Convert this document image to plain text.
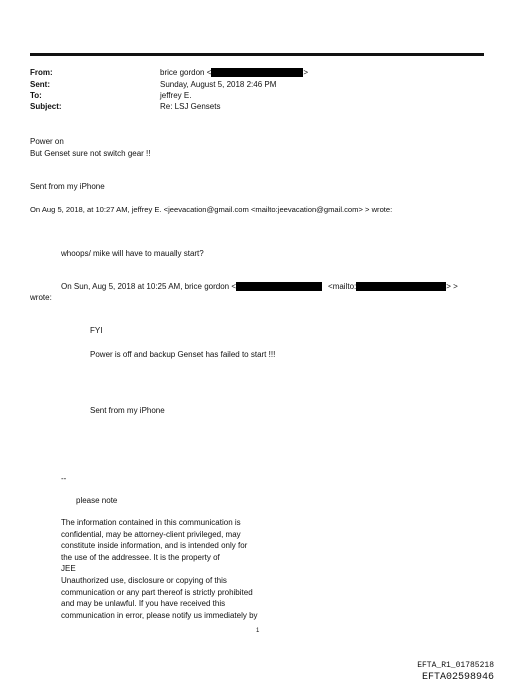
From:	brice gordon <	>
Sent:	Sunday, August 5, 2018 2:46 PM
To:	jeffrey E.
Subject:	Re: LSJ Gensets
Power on
But Genset sure not switch gear !!
Sent from my iPhone
On Aug 5, 2018, at 10:27 AM, jeffrey E. <jeevacation@gmail.com <mailto:jeevacation@gmail.com> > wrote:
whoops/ mike will have to maually start?
On Sun, Aug 5, 2018 at 10:25 AM, brice gordon <	<mailto:	> >
wrote:
FYI
Power is off and backup Genset has failed to start !!!
Sent from my iPhone
--
please note
The information contained in this communication is
confidential, may be attorney-client privileged, may
constitute inside information, and is intended only for
the use of the addressee. It is the property of
JEE
Unauthorized use, disclosure or copying of this
communication or any part thereof is strictly prohibited
and may be unlawful. If you have received this
communication in error, please notify us immediately by
1
EFTA_R1_01785218
EFTA02598946
